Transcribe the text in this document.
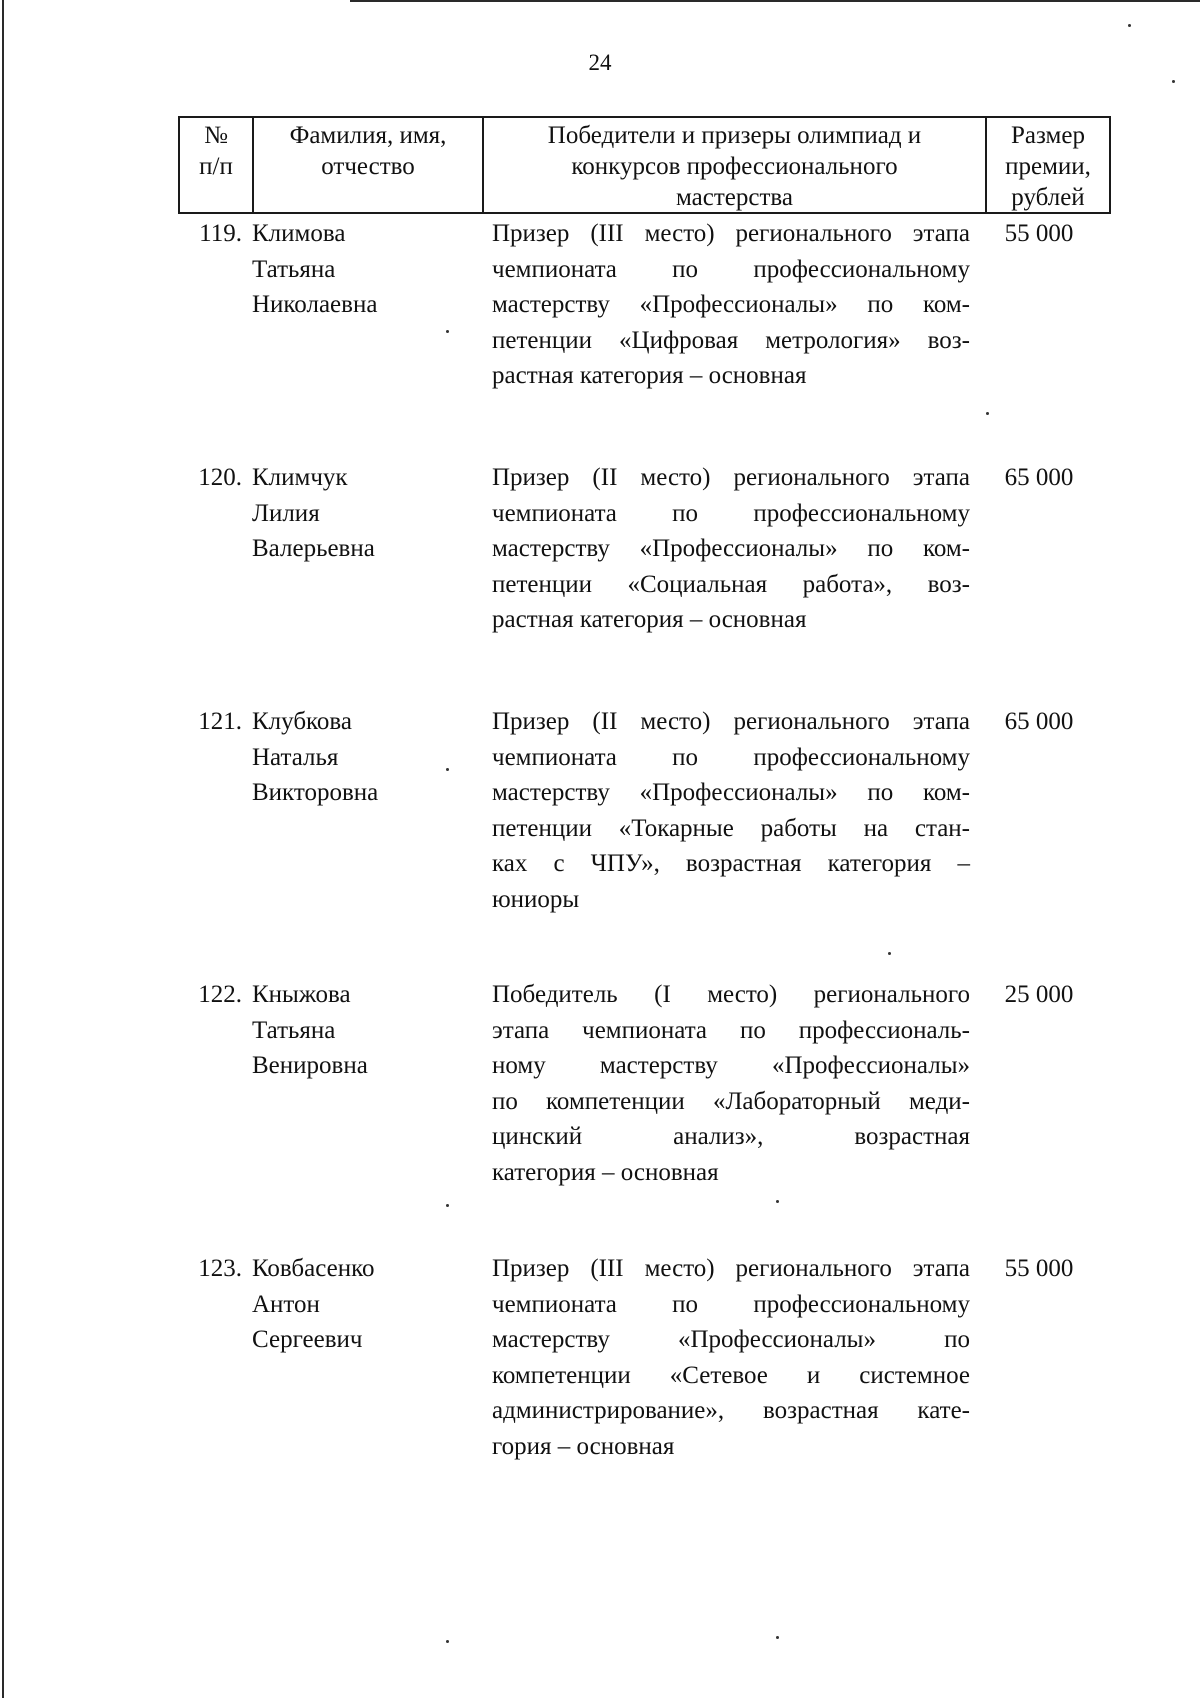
24
№
п/п
Фамилия, имя,
отчество
Победители и призеры олимпиад и
конкурсов профессионального
мастерства
Размер
премии,
рублей
119. Климова
Татьяна
Николаевна
Призер (III место) регионального этапа
чемпионата по профессиональному
мастерству «Профессионалы» по ком-
петенции «Цифровая метрология» воз-
растная категория – основная
55 000
120. Климчук
Лилия
Валерьевна
Призер (II место) регионального этапа
чемпионата по профессиональному
мастерству «Профессионалы» по ком-
петенции «Социальная работа», воз-
растная категория – основная
65 000
121. Клубкова
Наталья
Викторовна
Призер (II место) регионального этапа
чемпионата по профессиональному
мастерству «Профессионалы» по ком-
петенции «Токарные работы на стан-
ках с ЧПУ», возрастная категория –
юниоры
65 000
122. Кныжова
Татьяна
Венировна
Победитель (I место) регионального
этапа чемпионата по профессиональ-
ному мастерству «Профессионалы»
по компетенции «Лабораторный меди-
цинский анализ», возрастная
категория – основная
25 000
123. Ковбасенко
Антон
Сергеевич
Призер (III место) регионального этапа
чемпионата по профессиональному
мастерству «Профессионалы» по
компетенции «Сетевое и системное
администрирование», возрастная кате-
гория – основная
55 000
